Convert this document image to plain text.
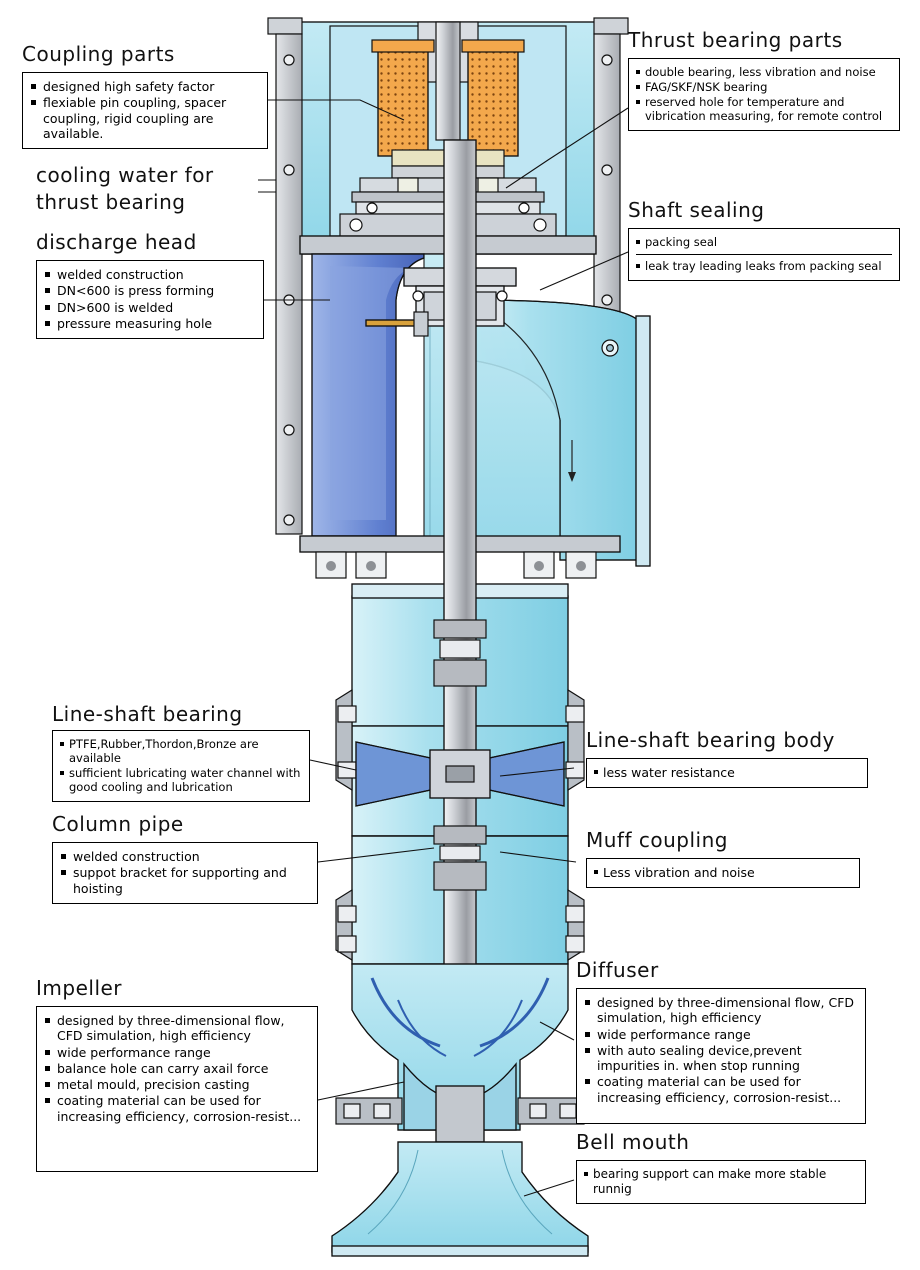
Coupling parts
designed high safety factor
flexiable pin coupling, spacer coupling, rigid coupling are available.
cooling water for thrust bearing
discharge head
welded construction
DN<600 is press forming
DN>600 is welded
pressure measuring hole
Thrust bearing parts
double bearing, less vibration and noise
FAG/SKF/NSK bearing
reserved hole for temperature and vibrication measuring, for remote control
Shaft sealing
packing seal
leak tray leading leaks from packing seal
Line-shaft bearing
PTFE,Rubber,Thordon,Bronze are available
sufficient lubricating water channel with good cooling and lubrication
Column pipe
welded construction
suppot bracket for supporting and hoisting
Impeller
designed by three-dimensional flow, CFD simulation, high efficiency
wide performance range
balance hole can carry axail force
metal mould, precision casting
coating material can be used for increasing efficiency, corrosion-resist...
Line-shaft bearing body
less water resistance
Muff coupling
Less vibration and noise
Diffuser
designed by three-dimensional flow, CFD simulation, high efficiency
wide performance range
with auto sealing device,prevent impurities in. when stop running
coating material can be used for increasing efficiency, corrosion-resist...
Bell mouth
bearing support can make more stable runnig
